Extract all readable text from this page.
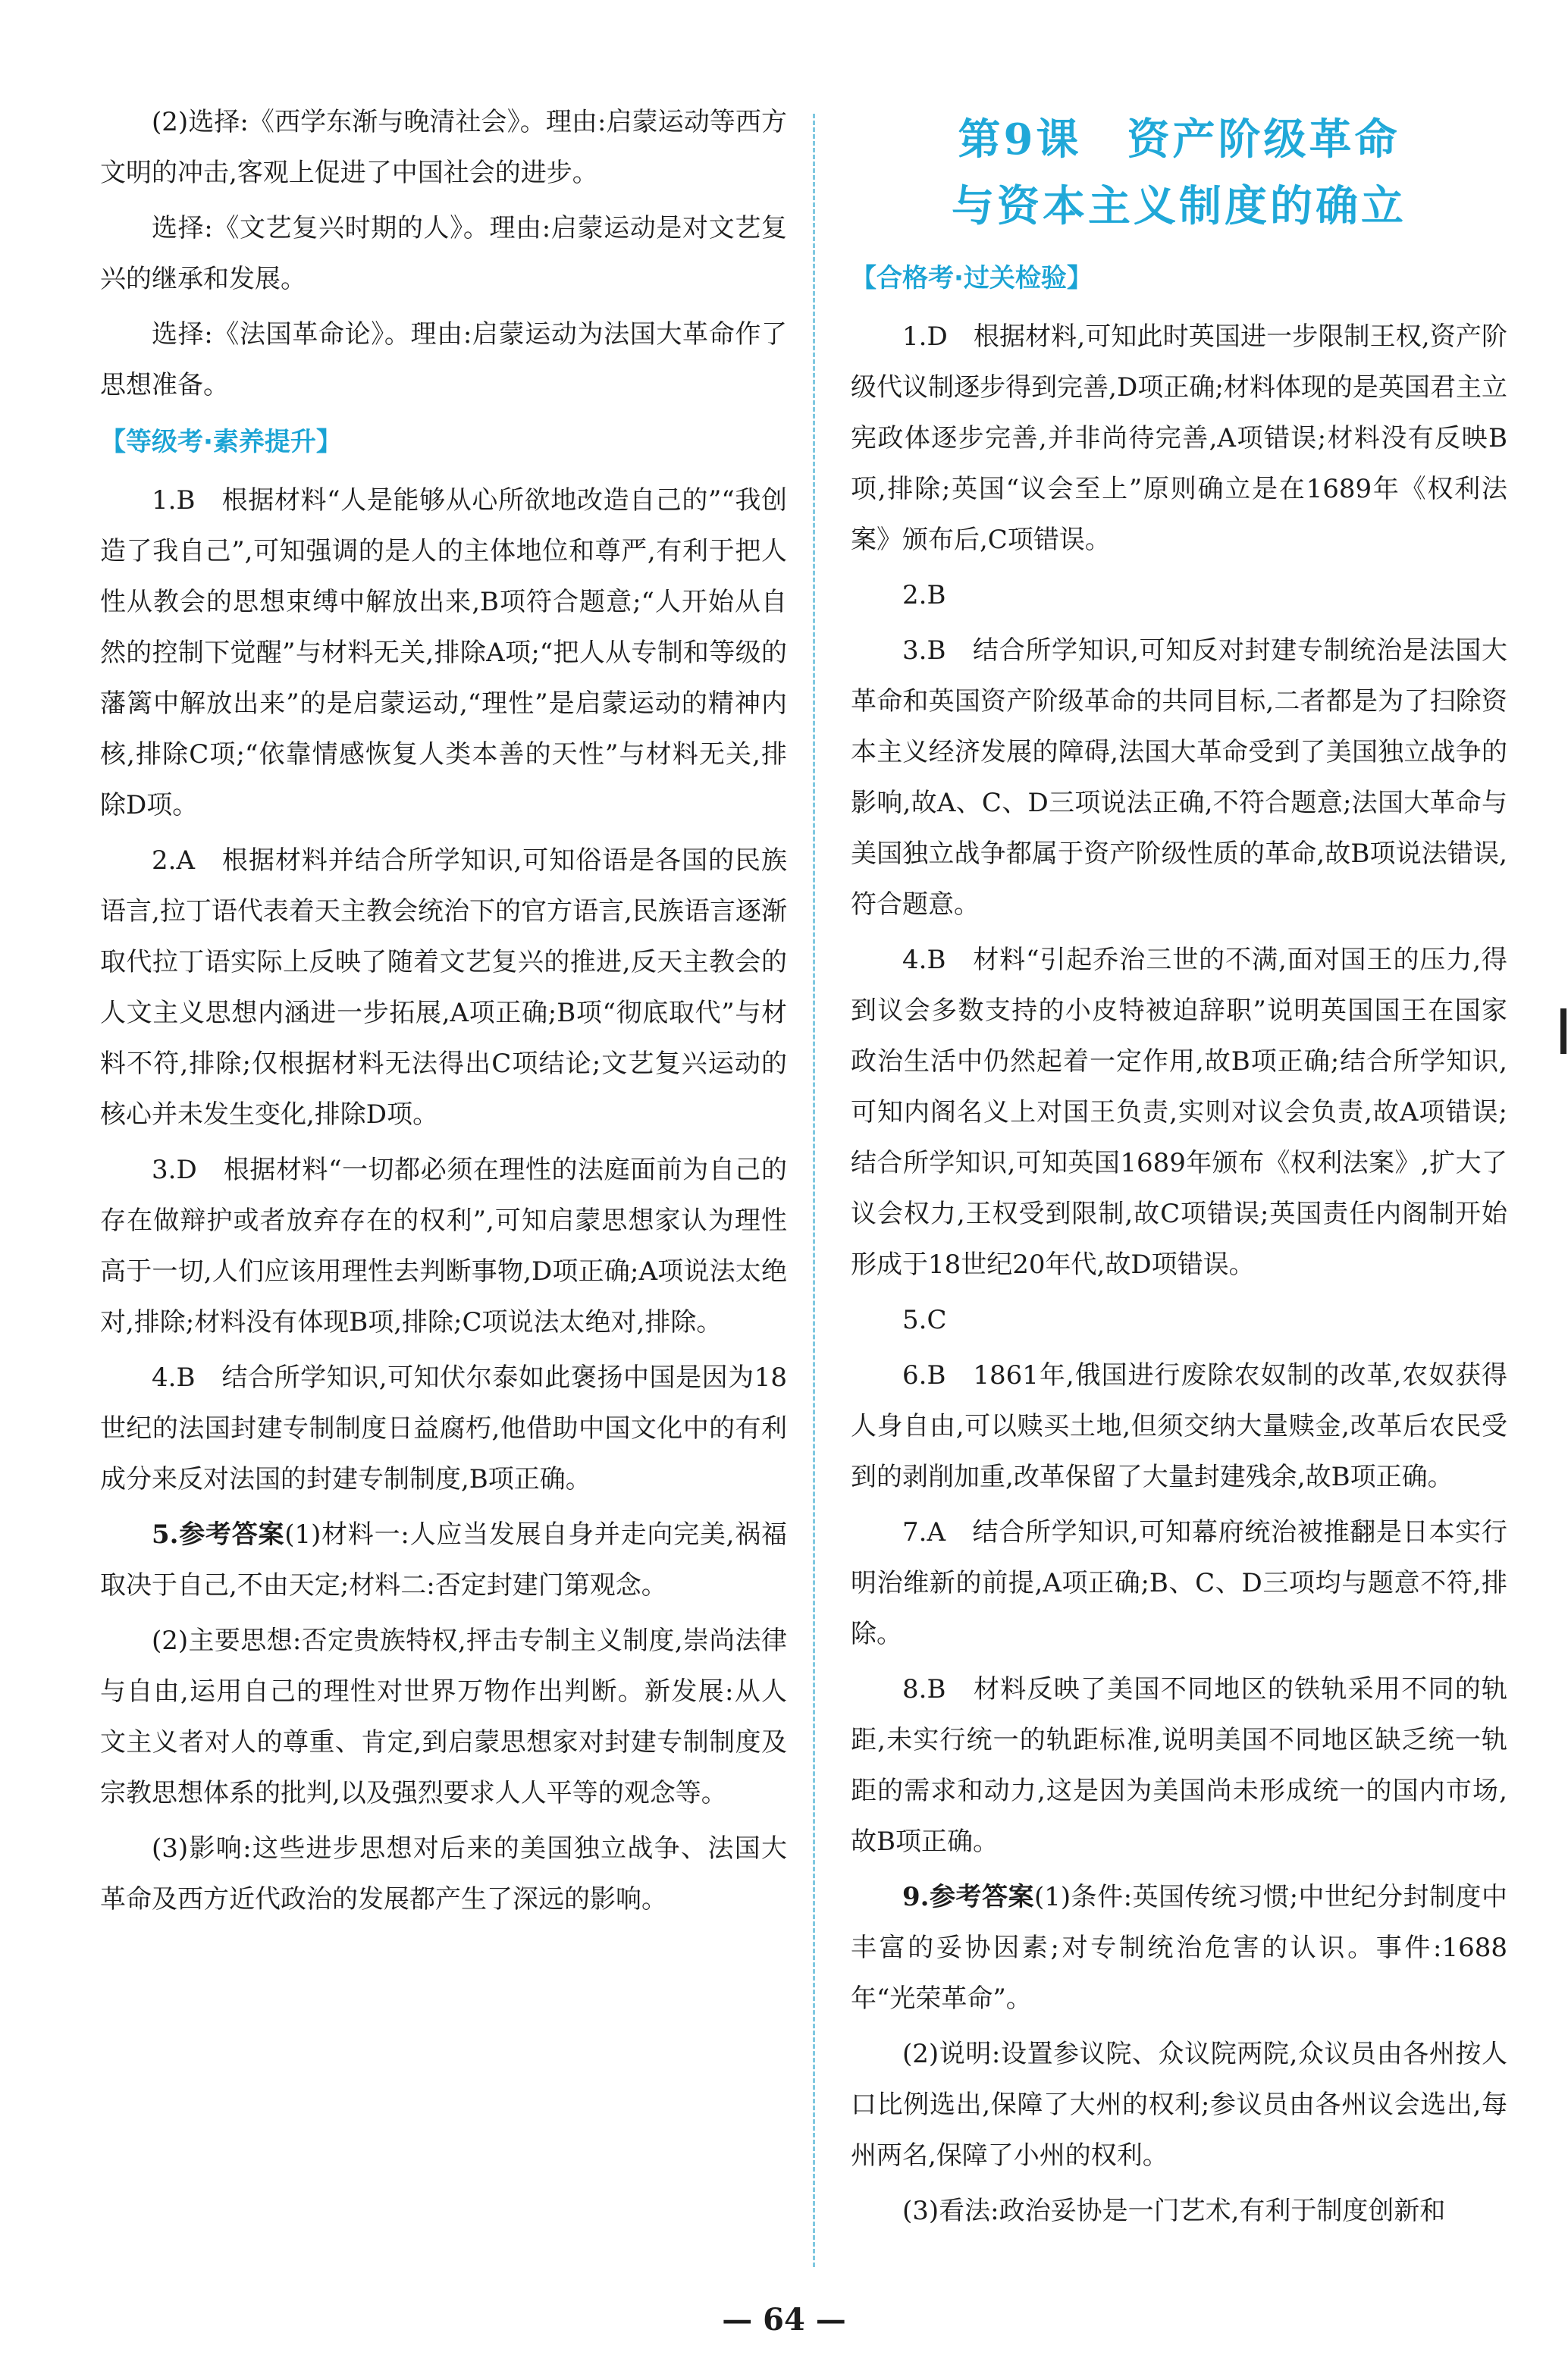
(2)选择:《西学东渐与晚清社会》。理由:启蒙运动等西方文明的冲击,客观上促进了中国社会的进步。

选择:《文艺复兴时期的人》。理由:启蒙运动是对文艺复兴的继承和发展。

选择:《法国革命论》。理由:启蒙运动为法国大革命作了思想准备。

【等级考·素养提升】

1.B　根据材料“人是能够从心所欲地改造自己的”“我创造了我自己”,可知强调的是人的主体地位和尊严,有利于把人性从教会的思想束缚中解放出来,B项符合题意;“人开始从自然的控制下觉醒”与材料无关,排除A项;“把人从专制和等级的藩篱中解放出来”的是启蒙运动,“理性”是启蒙运动的精神内核,排除C项;“依靠情感恢复人类本善的天性”与材料无关,排除D项。

2.A　根据材料并结合所学知识,可知俗语是各国的民族语言,拉丁语代表着天主教会统治下的官方语言,民族语言逐渐取代拉丁语实际上反映了随着文艺复兴的推进,反天主教会的人文主义思想内涵进一步拓展,A项正确;B项“彻底取代”与材料不符,排除;仅根据材料无法得出C项结论;文艺复兴运动的核心并未发生变化,排除D项。

3.D　根据材料“一切都必须在理性的法庭面前为自己的存在做辩护或者放弃存在的权利”,可知启蒙思想家认为理性高于一切,人们应该用理性去判断事物,D项正确;A项说法太绝对,排除;材料没有体现B项,排除;C项说法太绝对,排除。

4.B　结合所学知识,可知伏尔泰如此褒扬中国是因为18世纪的法国封建专制制度日益腐朽,他借助中国文化中的有利成分来反对法国的封建专制制度,B项正确。

5.参考答案(1)材料一:人应当发展自身并走向完美,祸福取决于自己,不由天定;材料二:否定封建门第观念。

(2)主要思想:否定贵族特权,抨击专制主义制度,崇尚法律与自由,运用自己的理性对世界万物作出判断。新发展:从人文主义者对人的尊重、肯定,到启蒙思想家对封建专制制度及宗教思想体系的批判,以及强烈要求人人平等的观念等。

(3)影响:这些进步思想对后来的美国独立战争、法国大革命及西方近代政治的发展都产生了深远的影响。

第9课　资产阶级革命
与资本主义制度的确立
【合格考·过关检验】

1.D　根据材料,可知此时英国进一步限制王权,资产阶级代议制逐步得到完善,D项正确;材料体现的是英国君主立宪政体逐步完善,并非尚待完善,A项错误;材料没有反映B项,排除;英国“议会至上”原则确立是在1689年《权利法案》颁布后,C项错误。

2.B

3.B　结合所学知识,可知反对封建专制统治是法国大革命和英国资产阶级革命的共同目标,二者都是为了扫除资本主义经济发展的障碍,法国大革命受到了美国独立战争的影响,故A、C、D三项说法正确,不符合题意;法国大革命与美国独立战争都属于资产阶级性质的革命,故B项说法错误,符合题意。

4.B　材料“引起乔治三世的不满,面对国王的压力,得到议会多数支持的小皮特被迫辞职”说明英国国王在国家政治生活中仍然起着一定作用,故B项正确;结合所学知识,可知内阁名义上对国王负责,实则对议会负责,故A项错误;结合所学知识,可知英国1689年颁布《权利法案》,扩大了议会权力,王权受到限制,故C项错误;英国责任内阁制开始形成于18世纪20年代,故D项错误。

5.C

6.B　1861年,俄国进行废除农奴制的改革,农奴获得人身自由,可以赎买土地,但须交纳大量赎金,改革后农民受到的剥削加重,改革保留了大量封建残余,故B项正确。

7.A　结合所学知识,可知幕府统治被推翻是日本实行明治维新的前提,A项正确;B、C、D三项均与题意不符,排除。

8.B　材料反映了美国不同地区的铁轨采用不同的轨距,未实行统一的轨距标准,说明美国不同地区缺乏统一轨距的需求和动力,这是因为美国尚未形成统一的国内市场,故B项正确。

9.参考答案(1)条件:英国传统习惯;中世纪分封制度中丰富的妥协因素;对专制统治危害的认识。事件:1688年“光荣革命”。

(2)说明:设置参议院、众议院两院,众议员由各州按人口比例选出,保障了大州的权利;参议员由各州议会选出,每州两名,保障了小州的权利。

(3)看法:政治妥协是一门艺术,有利于制度创新和

— 64 —
